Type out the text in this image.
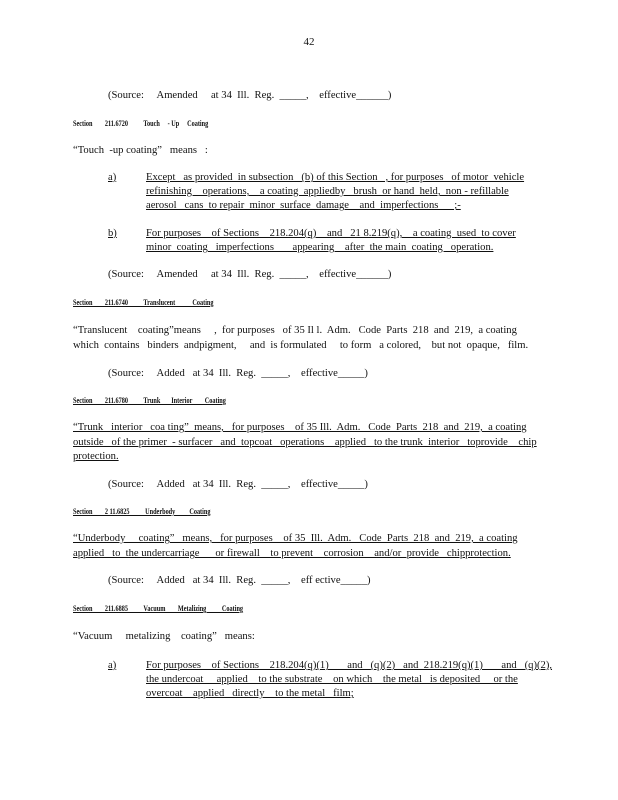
42
(Source:     Amended     at 34  Ill.  Reg.  _____,    effective______)
Section        211.6720          Touch     - Up     Coating
“Touch  -up coating”   means   :
a)	Except   as provided  in subsection   (b) of this Section   , for purposes   of motor  vehicle
refinishing    operations,    a coating  appliedby   brush  or hand  held,  non - refillable
aerosol   cans  to repair  minor  surface  damage    and  imperfections      ;-
b)	For purposes    of Sections    218.204(q)    and   21 8.219(q),    a coating  used  to cover
minor  coating   imperfections       appearing    after  the main  coating   operation.
(Source:     Amended     at 34  Ill.  Reg.  _____,    effective______)
Section        211.6740          Translucent           Coating
“Translucent    coating”means     ,  for purposes   of 35 Il l.  Adm.   Code  Parts  218  and  219,  a coating
which  contains   binders  andpigment,     and  is formulated     to form   a colored,    but not  opaque,   film.
(Source:     Added   at 34  Ill.  Reg.  _____,    effective_____)
Section        211.6780          Trunk       Interior        Coating
“Trunk   interior   coa ting”  means,   for purposes    of 35 Ill.  Adm.   Code  Parts  218  and  219,  a coating
outside   of the primer  - surfacer   and  topcoat   operations    applied   to the trunk  interior   toprovide    chip
protection.
(Source:     Added   at 34  Ill.  Reg.  _____,    effective_____)
Section        2 11.6825          Underbody         Coating
“Underbody     coating”   means,   for purposes    of 35  Ill.  Adm.   Code  Parts  218  and  219,  a coating
applied   to  the undercarriage      or firewall    to prevent    corrosion    and/or  provide   chipprotection.
(Source:     Added   at 34  Ill.  Reg.  _____,    eff ective_____)
Section        211.6885          Vacuum        Metalizing          Coating
“Vacuum     metalizing    coating”   means:
a)	For purposes    of Sections    218.204(q)(1)       and   (q)(2)   and  218.219(q)(1)       and   (q)(2),
the undercoat     applied    to the substrate    on which    the metal   is deposited     or the
overcoat    applied   directly    to the metal   film;
